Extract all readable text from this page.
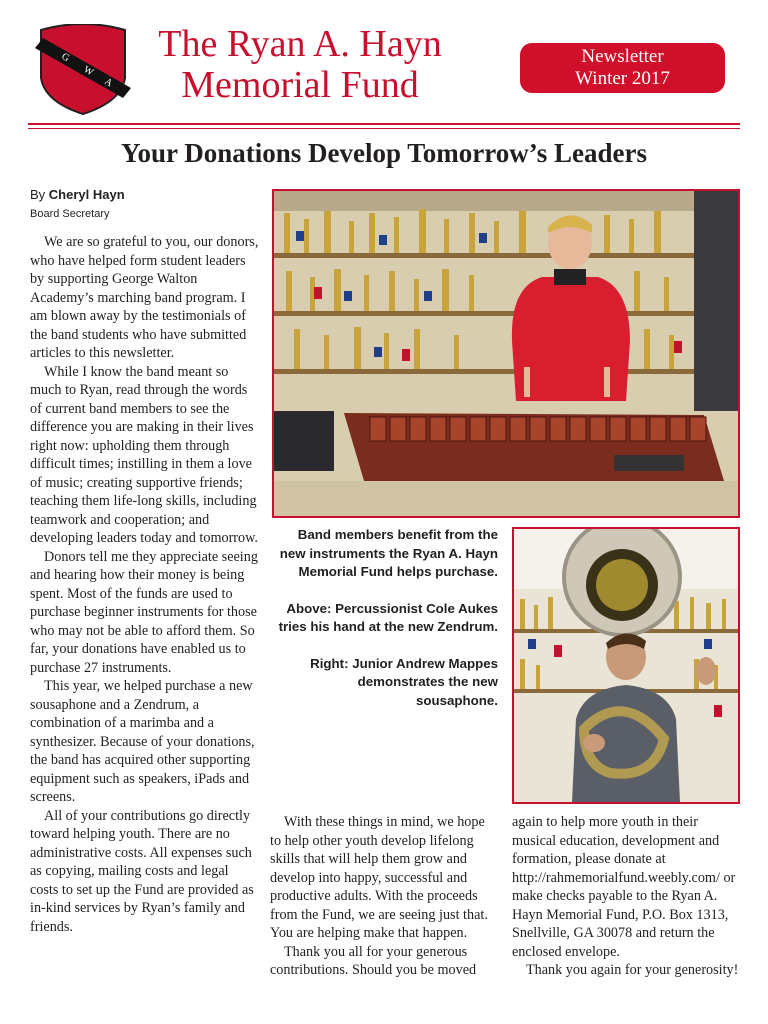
G
W
A
The Ryan A. Hayn
Memorial Fund
Newsletter
Winter 2017
Your Donations Develop Tomorrow’s Leaders
By Cheryl Hayn
Board Secretary

We are so grateful to you, our donors, who have helped form student leaders by supporting George Walton Academy’s marching band program. I am blown away by the testimonials of the band students who have submitted articles to this newsletter.

While I know the band meant so much to Ryan, read through the words of current band members to see the difference you are making in their lives right now: upholding them through difficult times; instilling in them a love of music; creating supportive friends; teaching them life-long skills, including teamwork and cooperation; and developing leaders today and tomorrow.

Donors tell me they appreciate seeing and hearing how their money is being spent. Most of the funds are used to purchase beginner instruments for those who may not be able to afford them. So far, your donations have enabled us to purchase 27 instruments.

This year, we helped purchase a new sousaphone and a Zendrum, a combination of a marimba and a synthesizer. Because of your donations, the band has acquired other supporting equipment such as speakers, iPads and screens.

All of your contributions go directly toward helping youth. There are no administrative costs. All expenses such as copying, mailing costs and legal costs to set up the Fund are provided as in-kind services by Ryan’s family and friends.

Band members benefit from the new instruments the Ryan A. Hayn Memorial Fund helps purchase.

Above: Percussionist Cole Aukes tries his hand at the new Zendrum.

Right: Junior Andrew Mappes demonstrates the new sousaphone.

With these things in mind, we hope to help other youth develop lifelong skills that will help them grow and develop into happy, successful and productive adults. With the proceeds from the Fund, we are seeing just that. You are helping make that happen.

Thank you all for your generous contributions. Should you be moved

again to help more youth in their musical education, development and formation, please donate at http://rahmemorialfund.weebly.com/ or make checks payable to the Ryan A. Hayn Memorial Fund, P.O. Box 1313, Snellville, GA 30078 and return the enclosed envelope.

Thank you again for your generosity!
